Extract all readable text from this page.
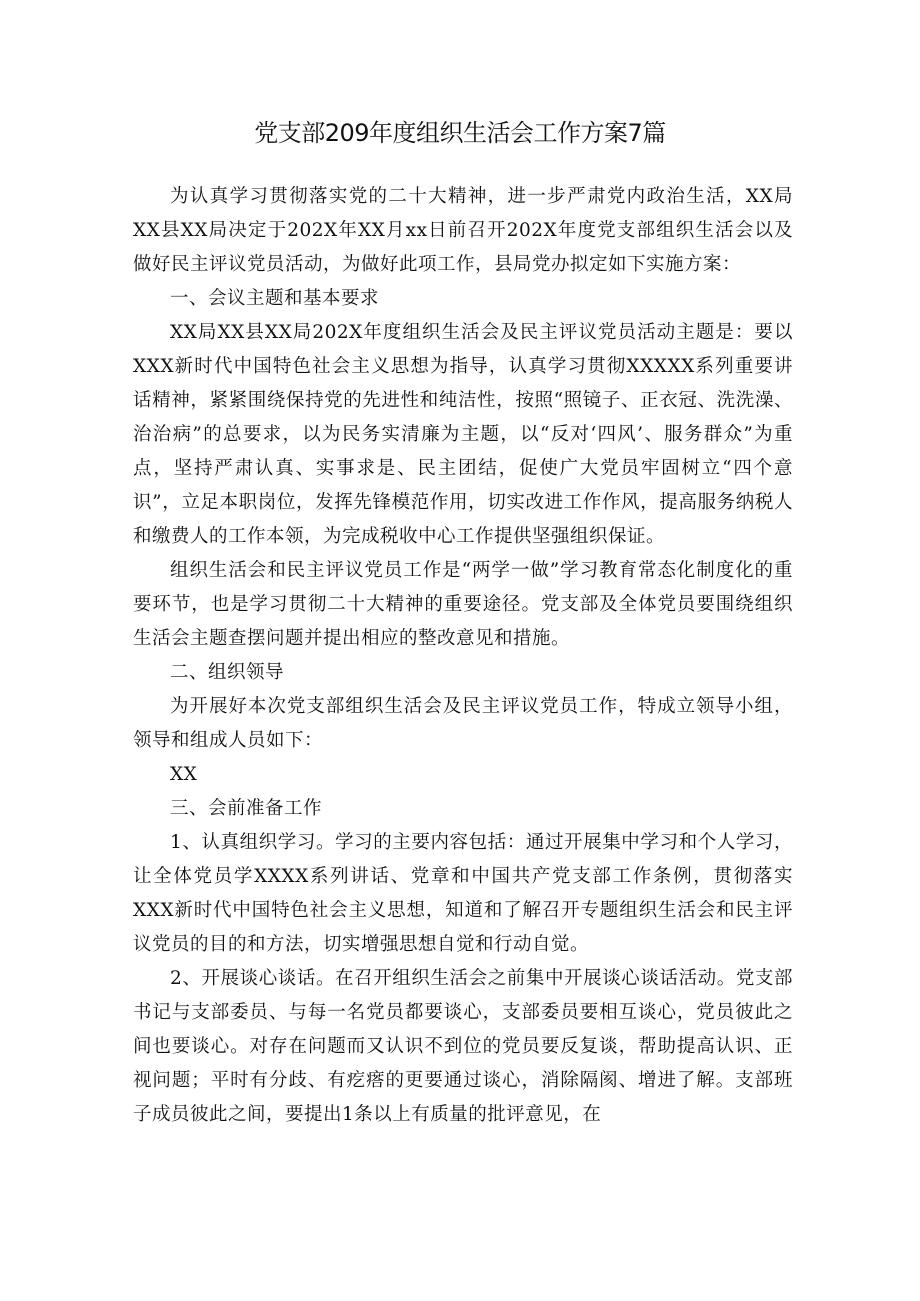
党支部209年度组织生活会工作方案7篇

为认真学习贯彻落实党的二十大精神，进一步严肃党内政治生活，XX局XX县XX局决定于202X年XX月xx日前召开202X年度党支部组织生活会以及做好民主评议党员活动，为做好此项工作，县局党办拟定如下实施方案：

一、会议主题和基本要求

XX局XX县XX局202X年度组织生活会及民主评议党员活动主题是：要以XXX新时代中国特色社会主义思想为指导，认真学习贯彻XXXXX系列重要讲话精神，紧紧围绕保持党的先进性和纯洁性，按照“照镜子、正衣冠、洗洗澡、治治病”的总要求，以为民务实清廉为主题，以“反对‘四风’、服务群众”为重点，坚持严肃认真、实事求是、民主团结，促使广大党员牢固树立“四个意识”，立足本职岗位，发挥先锋模范作用，切实改进工作作风，提高服务纳税人和缴费人的工作本领，为完成税收中心工作提供坚强组织保证。

组织生活会和民主评议党员工作是“两学一做”学习教育常态化制度化的重要环节，也是学习贯彻二十大精神的重要途径。党支部及全体党员要围绕组织生活会主题查摆问题并提出相应的整改意见和措施。

二、组织领导

为开展好本次党支部组织生活会及民主评议党员工作，特成立领导小组，领导和组成人员如下：

XX

三、会前准备工作

1、认真组织学习。学习的主要内容包括：通过开展集中学习和个人学习，让全体党员学XXXX系列讲话、党章和中国共产党支部工作条例，贯彻落实XXX新时代中国特色社会主义思想，知道和了解召开专题组织生活会和民主评议党员的目的和方法，切实增强思想自觉和行动自觉。

2、开展谈心谈话。在召开组织生活会之前集中开展谈心谈话活动。党支部书记与支部委员、与每一名党员都要谈心，支部委员要相互谈心，党员彼此之间也要谈心。对存在问题而又认识不到位的党员要反复谈，帮助提高认识、正视问题；平时有分歧、有疙瘩的更要通过谈心，消除隔阂、增进了解。支部班子成员彼此之间，要提出1条以上有质量的批评意见，在
